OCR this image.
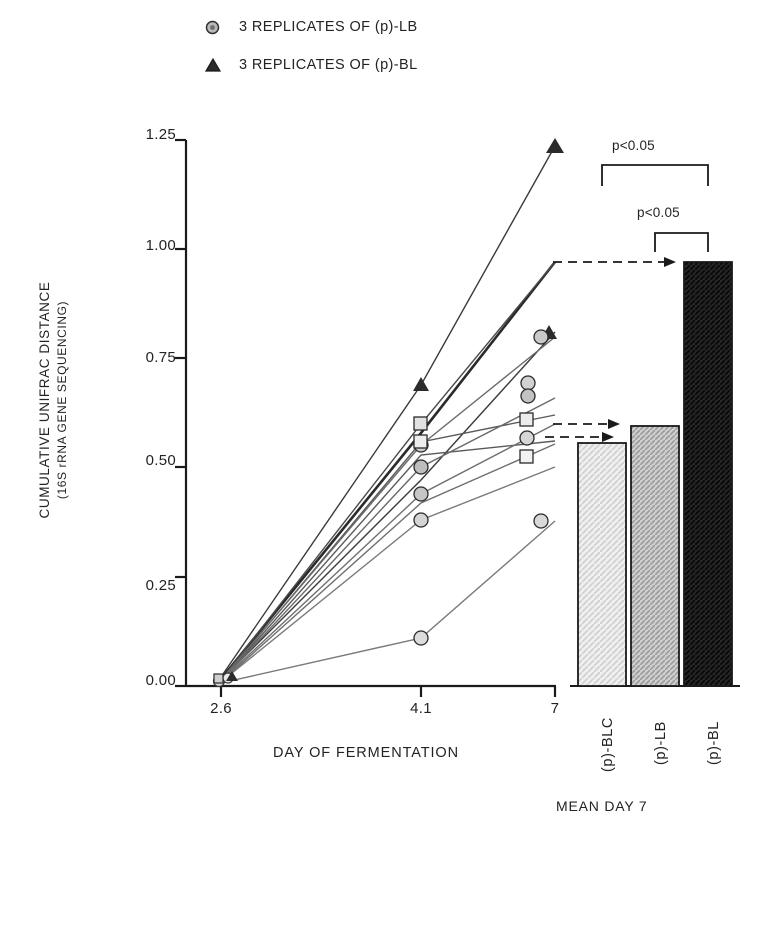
3 REPLICATES OF (p)-LB
3 REPLICATES OF (p)-BL
CUMULATIVE UNIFRAC DISTANCE (16S rRNA GENE SEQUENCING)
0.00
0.25
0.50
0.75
1.00
1.25
2.6	4.1	7
DAY OF FERMENTATION
MEAN DAY 7
(p)-BLC	(p)-LB	(p)-BL
p<0.05
p<0.05
